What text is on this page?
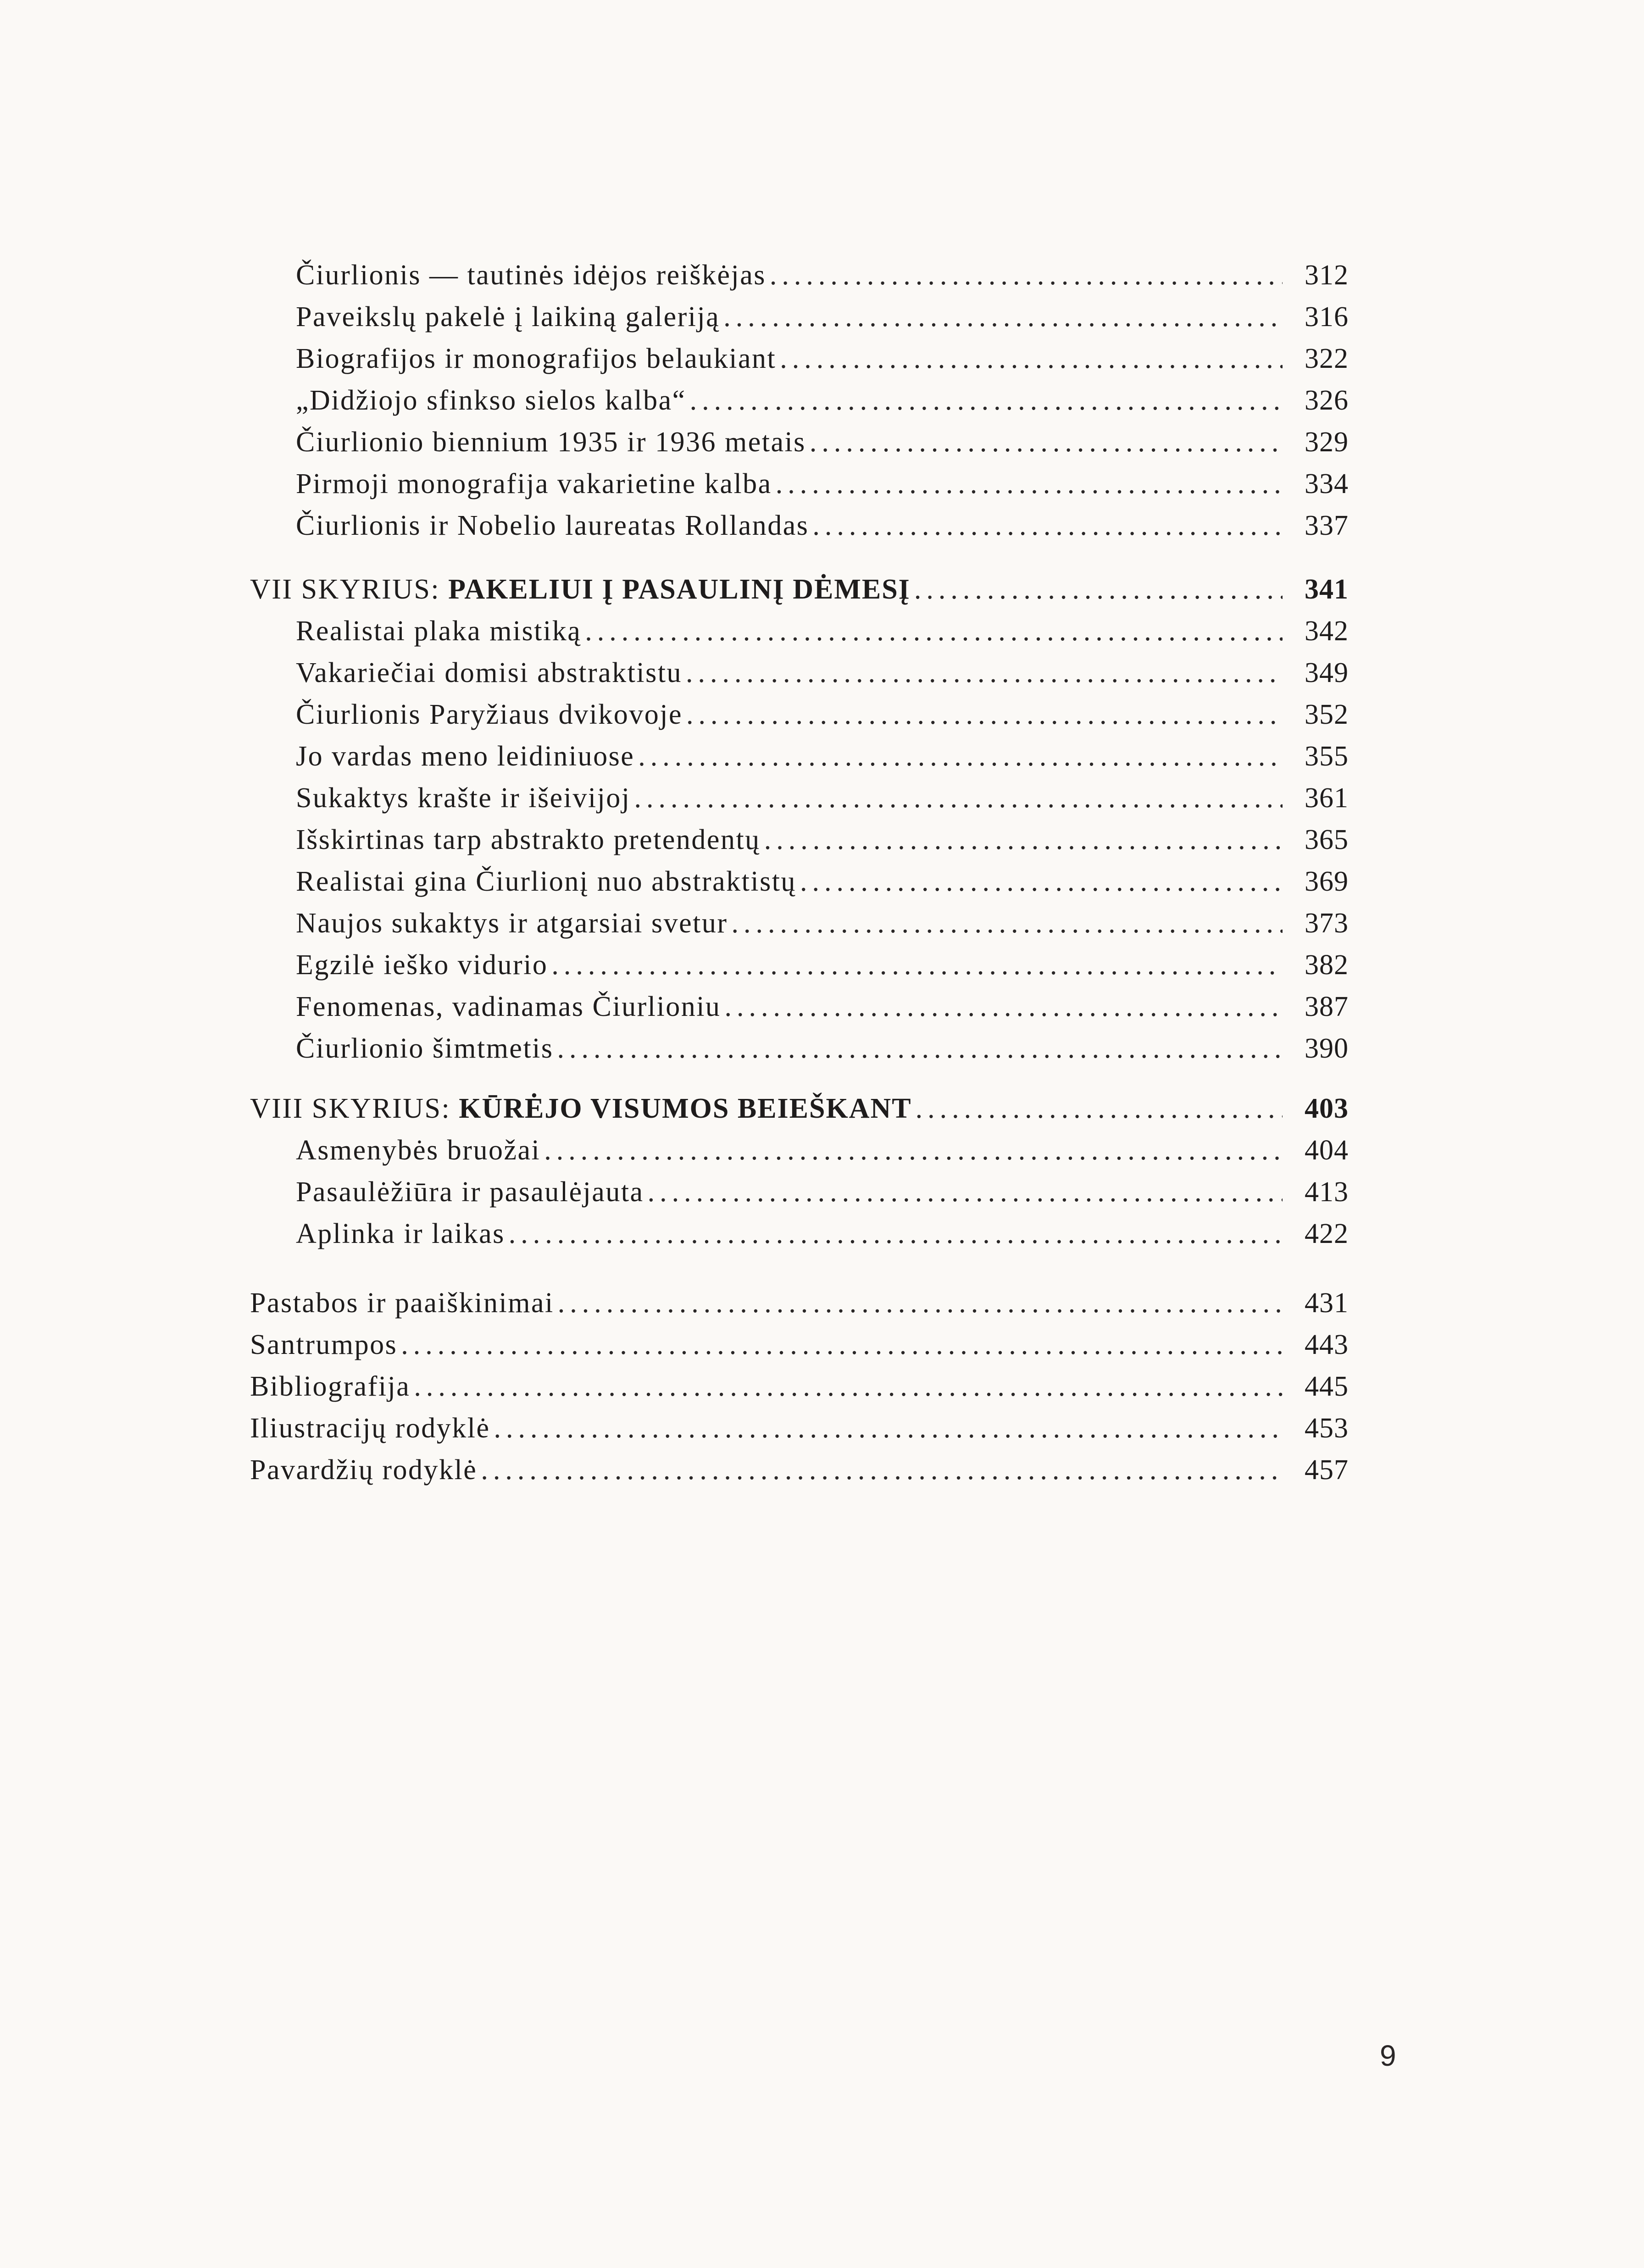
Čiurlionis — tautinės idėjos reiškėjas .....	312
Paveikslų pakelė į laikiną galeriją .....	316
Biografijos ir monografijos belaukiant .....	322
„Didžiojo sfinkso sielos kalba“ .....	326
Čiurlionio biennium 1935 ir 1936 metais .....	329
Pirmoji monografija vakarietine kalba .....	334
Čiurlionis ir Nobelio laureatas Rollandas .....	337
VII SKYRIUS: PAKELIUI Į PASAULINĮ DĖMESĮ .....	341
Realistai plaka mistiką .....	342
Vakariečiai domisi abstraktistu .....	349
Čiurlionis Paryžiaus dvikovoje .....	352
Jo vardas meno leidiniuose .....	355
Sukaktys krašte ir išeivijoj .....	361
Išskirtinas tarp abstrakto pretendentų .....	365
Realistai gina Čiurlionį nuo abstraktistų .....	369
Naujos sukaktys ir atgarsiai svetur .....	373
Egzilė ieško vidurio .....	382
Fenomenas, vadinamas Čiurlioniu .....	387
Čiurlionio šimtmetis .....	390
VIII SKYRIUS: KŪRĖJO VISUMOS BEIEŠKANT .....	403
Asmenybės bruožai .....	404
Pasaulėžiūra ir pasaulėjauta .....	413
Aplinka ir laikas .....	422
Pastabos ir paaiškinimai .....	431
Santrumpos .....	443
Bibliografija .....	445
Iliustracijų rodyklė .....	453
Pavardžių rodyklė .....	457
9
